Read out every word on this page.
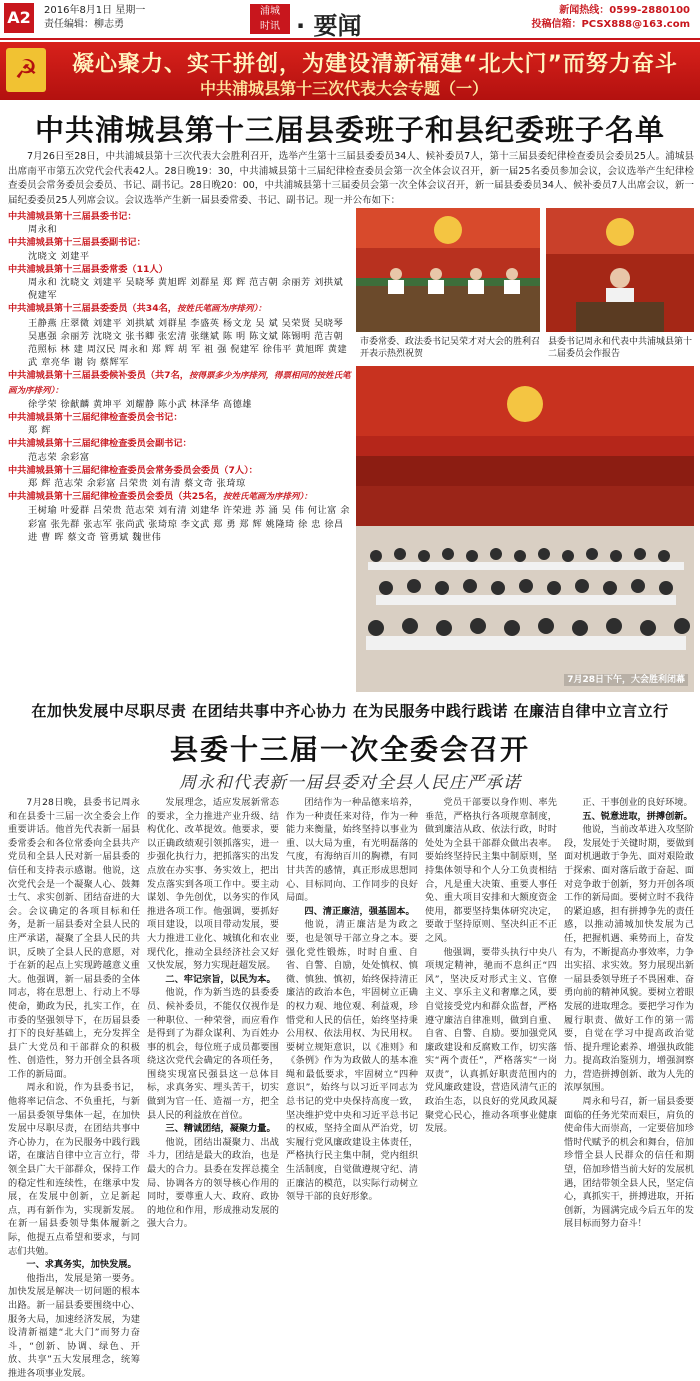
A2	2016年8月1日 星期一
责任编辑：柳志勇
浦城
时讯 · 要闻
新闻热线：0599-2880100
投稿信箱：PCSX888@163.com
☭	凝心聚力、实干拼创，为建设清新福建“北大门”而努力奋斗
中共浦城县第十三次代表大会专题（一）
中共浦城县第十三届县委班子和县纪委班子名单
7月26日至28日，中共浦城县第十三次代表大会胜利召开，选举产生第十三届县委委员34人、候补委员7人，第十三届县委纪律检查委员会委员25人。浦城县出席南平市第五次党代会代表42人。28日晚19：30，中共浦城县第十三届纪律检查委员会第一次全体会议召开，新一届25名委员参加会议，会议选举产生纪律检查委员会常务委员会委员、书记、副书记。28日晚20：00，中共浦城县第十三届委员会第一次全体会议召开，新一届县委委员34人、候补委员7人出席会议，新一届纪委委员25人列席会议。会议选举产生新一届县委常委、书记、副书记。现一并公布如下：
中共浦城县第十三届县委书记：
周永和
中共浦城县第十三届县委副书记：
沈晓文 刘建平
中共浦城县第十三届县委常委（11人）
周永和 沈晓文 刘建平 吴晓琴 黄旭晖 刘群星 郑 辉 范吉朝 余丽芳 刘拱斌 倪建军
中共浦城县第十三届县委委员（共34名，按姓氏笔画为序排列）：
王静燕 庄翠微 刘建平 刘拱斌 刘群星 李盛英 杨文龙 吴 斌 吴荣贤 吴晓琴 吴惠强 余丽芳 沈晓文 张书卿 张宏清 张继斌 陈 明 陈文斌 陈锡明 范吉朝 范照标 林 建 周汉民 周永和 郑 辉 胡 军 祖 强 倪建军 徐伟平 黄旭晖 黄建武 章亮华 谢 钧 蔡辉军
中共浦城县第十三届县委候补委员（共7名，按得票多少为序排列，得票相同的按姓氏笔画为序排列）：
徐学荣 徐献麟 黄坤平 刘耀静 陈小武 林泽华 高德雄
中共浦城县第十三届纪律检查委员会书记：
郑 辉
中共浦城县第十三届纪律检查委员会副书记：
范志荣 余彩富
中共浦城县第十三届纪律检查委员会常务委员会委员（7人）：
郑 辉 范志荣 余彩富 吕荣贵 刘有清 蔡文奇 张琦琼
中共浦城县第十三届纪律检查委员会委员（共25名，按姓氏笔画为序排列）：
王树瑜 叶爱群 吕荣贵 范志荣 刘有清 刘建华 许荣进 苏 涌 吴 伟 何让富 余彩富 张先群 张志军 张尚武 张琦琼 李文武 郑 勇 郑 辉 姚隆琦 徐 忠 徐昌进 曹 晖 蔡文奇 管勇斌 魏世伟
市委常委、政法委书记吴荣才对大会的胜利召开表示热烈祝贺
县委书记周永和代表中共浦城县第十二届委员会作报告
7月28日下午，大会胜利闭幕
在加快发展中尽职尽责 在团结共事中齐心协力 在为民服务中践行践诺 在廉洁自律中立言立行
县委十三届一次全委会召开
周永和代表新一届县委对全县人民庄严承诺

7月28日晚，县委书记周永和在县委十三届一次全委会上作重要讲话。他首先代表新一届县委常委会和各位常委向全县共产党员和全县人民对新一届县委的信任和支持表示感谢。他说，这次党代会是一个凝聚人心、鼓舞士气、求实创新、团结奋进的大会。会议确定的各项目标和任务，是新一届县委对全县人民的庄严承诺，凝聚了全县人民的共识，反映了全县人民的意愿，对于在新的起点上实现跨越意义重大。他强调，新一届县委的全体同志，将在思想上、行动上不辱使命，勤政为民，扎实工作，在市委的坚强领导下，在历届县委打下的良好基础上，充分发挥全县广大党员和干部群众的积极性、创造性，努力开创全县各项工作的新局面。

周永和说，作为县委书记，他将率记信念、不负重托，与新一届县委领导集体一起，在加快发展中尽职尽责，在团结共事中齐心协力，在为民服务中践行践诺，在廉洁自律中立言立行，带领全县广大干部群众，保持工作的稳定性和连续性，在继承中发展，在发展中创新，立足新起点，再有新作为，实现新发展。在新一届县委领导集体履新之际，他提五点希望和要求，与同志们共勉。

一、求真务实，加快发展。

他指出，发展是第一要务。加快发展是解决一切问题的根本出路。新一届县委要围绕中心、服务大局，加速经济发展，为建设清新福建“北大门”而努力奋斗，“创新、协调、绿色、开放、共享”五大发展理念，统筹推进各项事业发展。

发展理念，适应发展新常态的要求，全力推进产业升级、结构优化、改革提效。他要求，要以正确政绩观引领抓落实，进一步强化执行力，把抓落实的出发点放在办实事、务实效上，把出发点落实到各项工作中。要主动谋划、争先创优，以务实的作风推进各项工作。他强调，要抓好项目建设，以项目带动发展，要大力推进工业化、城镇化和农业现代化，推动全县经济社会又好又快发展，努力实现赶超发展。

二、牢记宗旨，以民为本。

他说，作为新当选的县委委员、候补委员，不能仅仅视作是一种职位、一种荣誉，而应看作是得到了为群众谋利、为百姓办事的机会，每位班子成员都要围绕这次党代会确定的各项任务，围绕实现富民强县这一总体目标，求真务实、埋头苦干，切实做到为官一任、造福一方，把全县人民的利益放在首位。

三、精诚团结，凝聚力量。

他说，团结出凝聚力、出战斗力，团结是最大的政治，也是最大的合力。县委在发挥总揽全局、协调各方的领导核心作用的同时，要尊重人大、政府、政协的地位和作用，形成推动发展的强大合力。

团结作为一种品德来培养，作为一种责任来对待，作为一种能力来衡量，始终坚持以事业为重、以大局为重，有光明磊落的气度，有海纳百川的胸襟，有同甘共苦的感情，真正形成思想同心、目标同向、工作同步的良好局面。

四、清正廉洁，强基固本。

他说，清正廉洁是为政之要，也是领导干部立身之本。要强化党性锻炼，时时自重、自省、自警、自励，处处慎权、慎微、慎独、慎初，始终保持清正廉洁的政治本色，牢固树立正确的权力观、地位观、利益观，珍惜党和人民的信任，始终坚持秉公用权、依法用权、为民用权。要树立规矩意识，以《准则》和《条例》作为为政做人的基本准绳和最低要求，牢固树立“四种意识”，始终与以习近平同志为总书记的党中央保持高度一致，坚决维护党中央和习近平总书记的权威，坚持全面从严治党，切实履行党风廉政建设主体责任，严格执行民主集中制，党内组织生活制度，自觉做遵规守纪、清正廉洁的模范，以实际行动树立领导干部的良好形象。

党员干部要以身作则、率先垂范，严格执行各项规章制度，做到廉洁从政、依法行政，时时处处为全县干部群众做出表率。要始终坚持民主集中制原则，坚持集体领导和个人分工负责相结合，凡是重大决策、重要人事任免、重大项目安排和大额度资金使用，都要坚持集体研究决定，要敢于坚持原则、坚决纠正不正之风。

他强调，要带头执行中央八项规定精神，驰而不息纠正“四风”，坚决反对形式主义、官僚主义、享乐主义和奢靡之风，要自觉接受党内和群众监督，严格遵守廉洁自律准则，做到自重、自省、自警、自励。要加强党风廉政建设和反腐败工作，切实落实“两个责任”，严格落实“一岗双责”，认真抓好职责范围内的党风廉政建设，营造风清气正的政治生态，以良好的党风政风凝聚党心民心，推动各项事业健康发展。

正、干事创业的良好环境。

五、锐意进取，拼搏创新。

他说，当前改革进入攻坚阶段，发展处于关键时期，要做到面对机遇敢于争先、面对艰险敢于探索、面对落后敢于奋起、面对竞争敢于创新，努力开创各项工作的新局面。要树立时不我待的紧迫感，担有拼搏争先的责任感，以推动浦城加快发展为己任，把握机遇、乘势而上，奋发有为，不断提高办事效率，力争出实招、求实效。努力展现出新一届县委领导班子不畏困难、奋勇向前的精神风貌。要树立着眼发展的进取理念。要把学习作为履行职责、做好工作的第一需要，自觉在学习中提高政治觉悟、提升理论素养、增强执政能力。提高政治鉴别力，增强洞察力，营造拼搏创新、敢为人先的浓厚氛围。

周永和号召，新一届县委要面临的任务光荣而艰巨，肩负的使命伟大而崇高，一定要倍加珍惜时代赋予的机会和舞台，倍加珍惜全县人民群众的信任和期望，倍加珍惜当前大好的发展机遇，团结带领全县人民，坚定信心，真抓实干，拼搏进取，开拓创新，为圆满完成今后五年的发展目标而努力奋斗！
